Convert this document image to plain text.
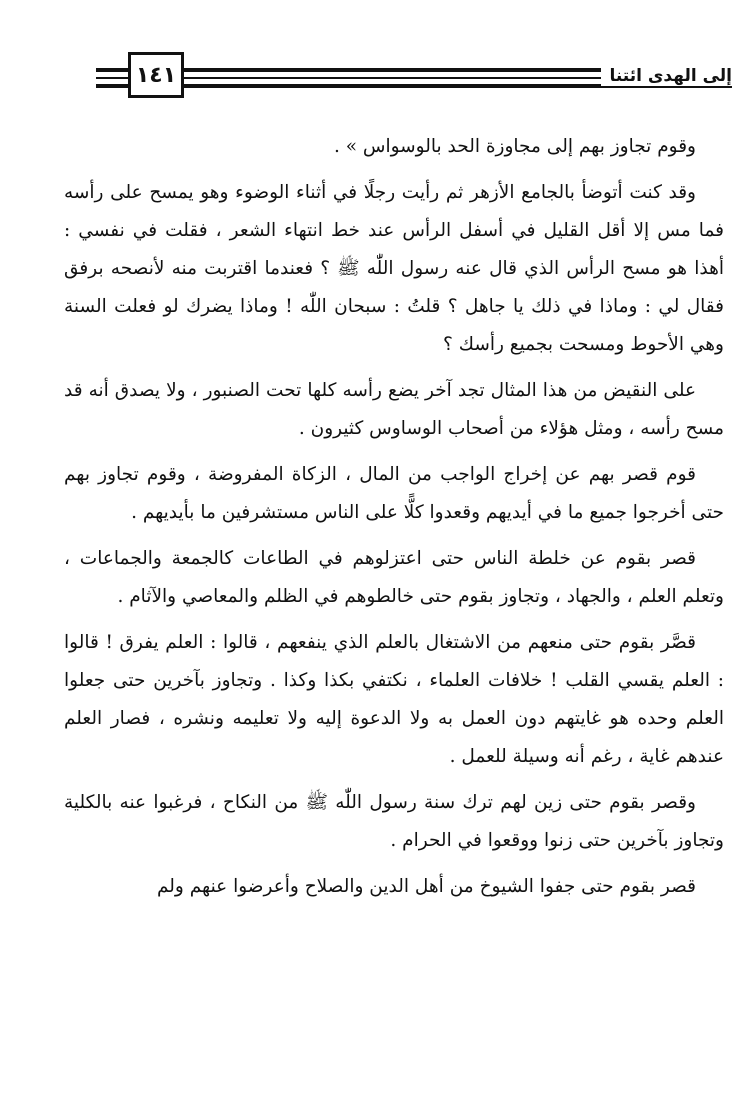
١٤١	إلى الهدى ائتنا

وقوم تجاوز بهم إلى مجاوزة الحد بالوسواس » .

وقد كنت أتوضأ بالجامع الأزهر ثم رأيت رجلًا في أثناء الوضوء وهو يمسح على رأسه فما مس إلا أقل القليل في أسفل الرأس عند خط انتهاء الشعر ، فقلت في نفسي : أهذا هو مسح الرأس الذي قال عنه رسول اللّٰه ﷺ ؟ فعندما اقتربت منه لأنصحه برفق فقال لي : وماذا في ذلك يا جاهل ؟ قلتُ : سبحان اللّٰه ! وماذا يضرك لو فعلت السنة وهي الأحوط ومسحت بجميع رأسك ؟

على النقيض من هذا المثال تجد آخر يضع رأسه كلها تحت الصنبور ، ولا يصدق أنه قد مسح رأسه ، ومثل هؤلاء من أصحاب الوساوس كثيرون .

قوم قصر بهم عن إخراج الواجب من المال ، الزكاة المفروضة ، وقوم تجاوز بهم حتى أخرجوا جميع ما في أيديهم وقعدوا كلًّا على الناس مستشرفين ما بأيديهم .

قصر بقوم عن خلطة الناس حتى اعتزلوهم في الطاعات كالجمعة والجماعات ، وتعلم العلم ، والجهاد ، وتجاوز بقوم حتى خالطوهم في الظلم والمعاصي والآثام .

قصَّر بقوم حتى منعهم من الاشتغال بالعلم الذي ينفعهم ، قالوا : العلم يفرق ! قالوا : العلم يقسي القلب ! خلافات العلماء ، نكتفي بكذا وكذا . وتجاوز بآخرين حتى جعلوا العلم وحده هو غايتهم دون العمل به ولا الدعوة إليه ولا تعليمه ونشره ، فصار العلم عندهم غاية ، رغم أنه وسيلة للعمل .

وقصر بقوم حتى زين لهم ترك سنة رسول اللّٰه ﷺ من النكاح ، فرغبوا عنه بالكلية وتجاوز بآخرين حتى زنوا ووقعوا في الحرام .

قصر بقوم حتى جفوا الشيوخ من أهل الدين والصلاح وأعرضوا عنهم ولم
